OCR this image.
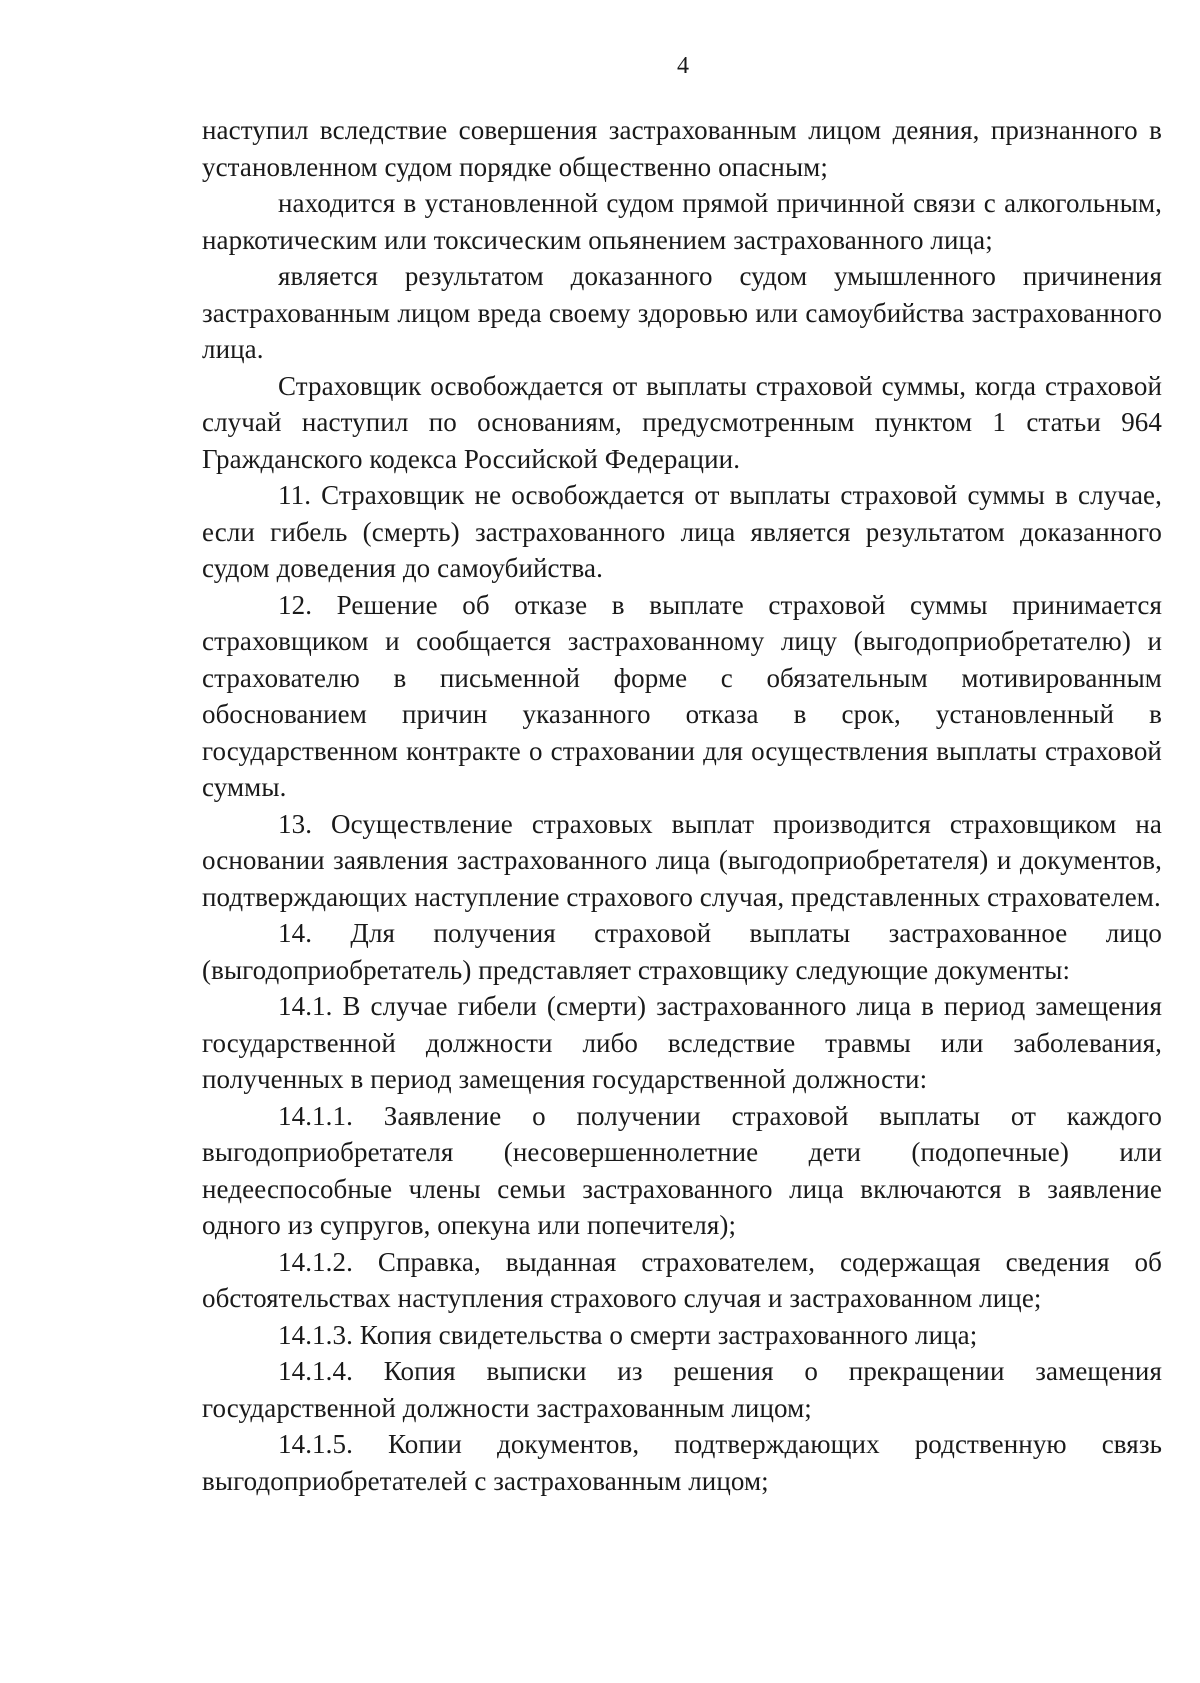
4

наступил вследствие совершения застрахованным лицом деяния, признанного в установленном судом порядке общественно опасным;

находится в установленной судом прямой причинной связи с алкогольным, наркотическим или токсическим опьянением застрахованного лица;

является результатом доказанного судом умышленного причинения застрахованным лицом вреда своему здоровью или самоубийства застрахованного лица.

Страховщик освобождается от выплаты страховой суммы, когда страховой случай наступил по основаниям, предусмотренным пунктом 1 статьи 964 Гражданского кодекса Российской Федерации.

11. Страховщик не освобождается от выплаты страховой суммы в случае, если гибель (смерть) застрахованного лица является результатом доказанного судом доведения до самоубийства.

12. Решение об отказе в выплате страховой суммы принимается страховщиком и сообщается застрахованному лицу (выгодоприобретателю) и страхователю в письменной форме с обязательным мотивированным обоснованием причин указанного отказа в срок, установленный в государственном контракте о страховании для осуществления выплаты страховой суммы.

13. Осуществление страховых выплат производится страховщиком на основании заявления застрахованного лица (выгодоприобретателя) и документов, подтверждающих наступление страхового случая, представленных страхователем.

14. Для получения страховой выплаты застрахованное лицо (выгодоприобретатель) представляет страховщику следующие документы:

14.1. В случае гибели (смерти) застрахованного лица в период замещения государственной должности либо вследствие травмы или заболевания, полученных в период замещения государственной должности:

14.1.1. Заявление о получении страховой выплаты от каждого выгодоприобретателя (несовершеннолетние дети (подопечные) или недееспособные члены семьи застрахованного лица включаются в заявление одного из супругов, опекуна или попечителя);

14.1.2. Справка, выданная страхователем, содержащая сведения об обстоятельствах наступления страхового случая и застрахованном лице;

14.1.3. Копия свидетельства о смерти застрахованного лица;

14.1.4. Копия выписки из решения о прекращении замещения государственной должности застрахованным лицом;

14.1.5. Копии документов, подтверждающих родственную связь выгодоприобретателей с застрахованным лицом;
